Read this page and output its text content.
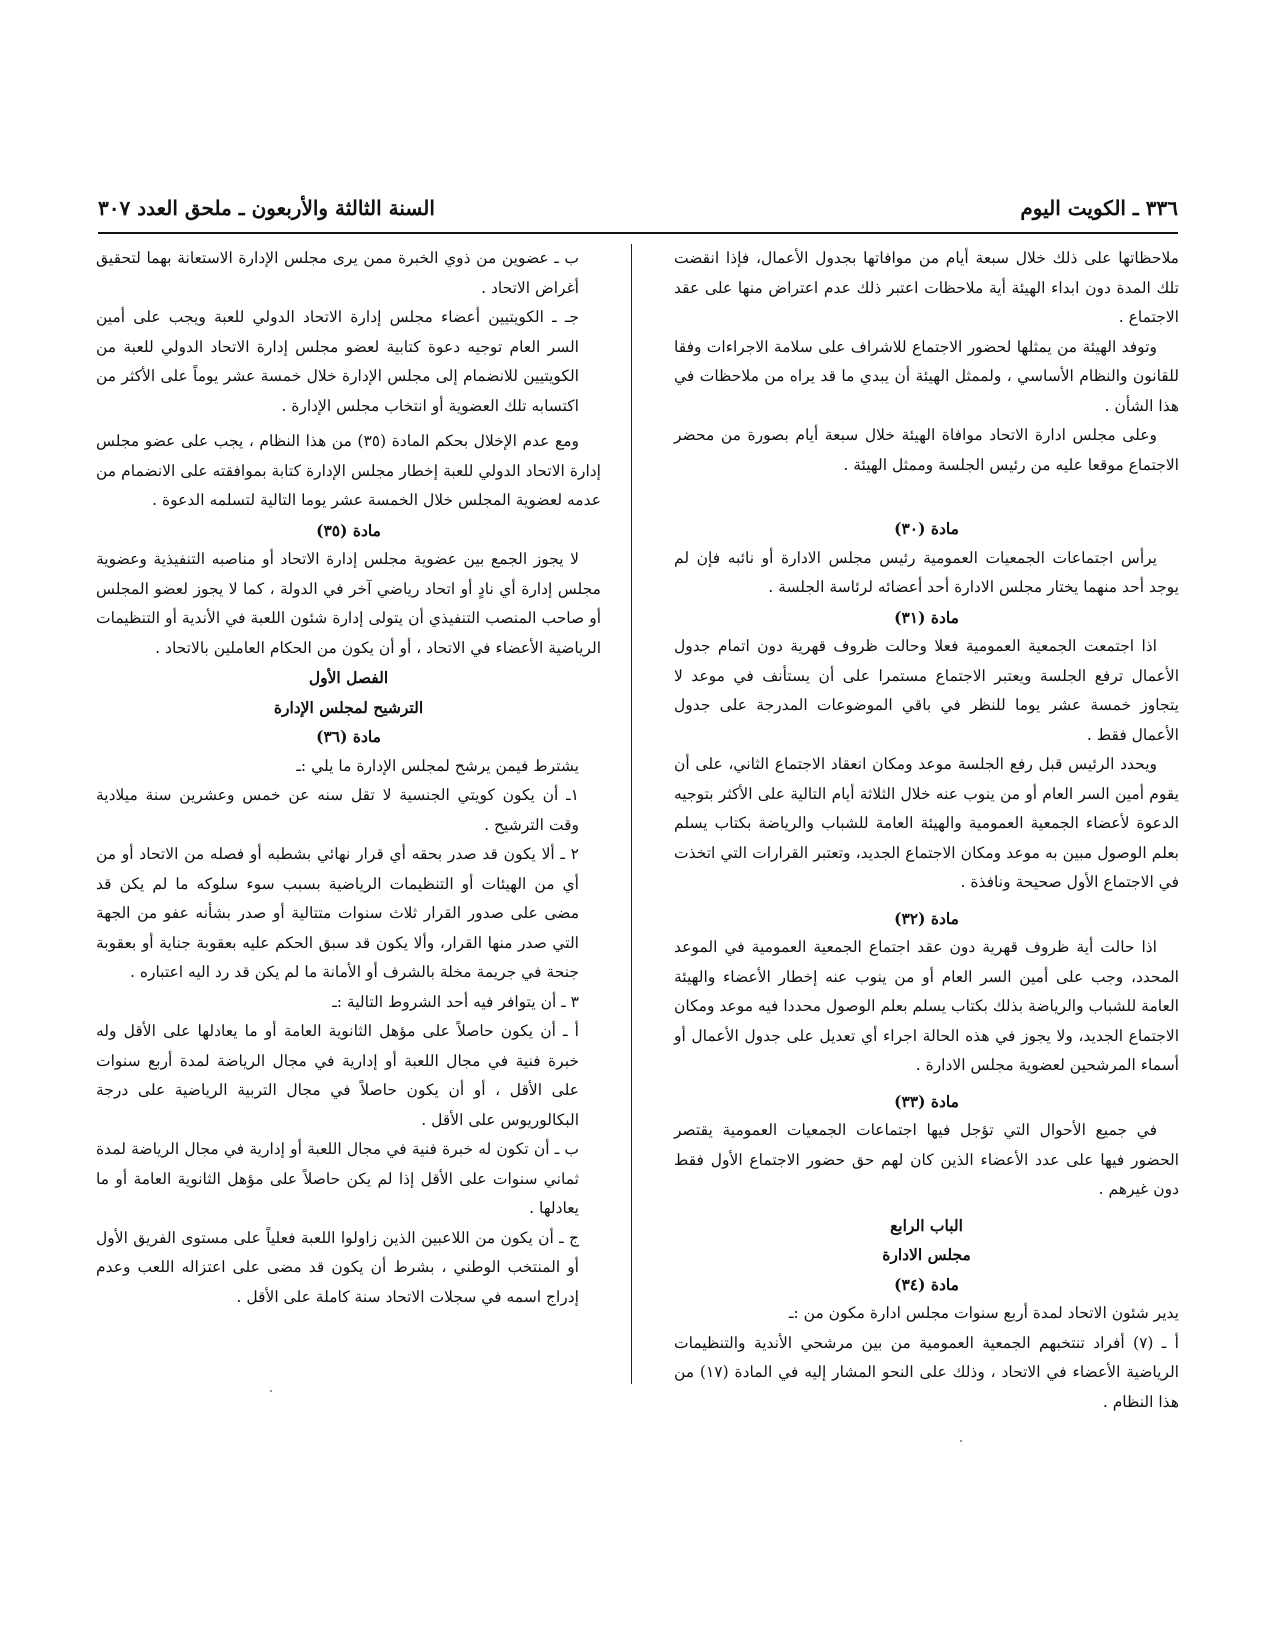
٣٣٦ ـ الكويت اليوم
السنة الثالثة والأربعون ـ ملحق العدد ٣٠٧

ملاحظاتها على ذلك خلال سبعة أيام من موافاتها بجدول الأعمال، فإذا انقضت تلك المدة دون ابداء الهيئة أية ملاحظات اعتبر ذلك عدم اعتراض منها على عقد الاجتماع .

وتوفد الهيئة من يمثلها لحضور الاجتماع للاشراف على سلامة الاجراءات وفقا للقانون والنظام الأساسي ، ولممثل الهيئة أن يبدي ما قد يراه من ملاحظات في هذا الشأن .

وعلى مجلس ادارة الاتحاد موافاة الهيئة خلال سبعة أيام بصورة من محضر الاجتماع موقعا عليه من رئيس الجلسة وممثل الهيئة .

مادة (٣٠)

يرأس اجتماعات الجمعيات العمومية رئيس مجلس الادارة أو نائبه فإن لم يوجد أحد منهما يختار مجلس الادارة أحد أعضائه لرئاسة الجلسة .

مادة (٣١)

اذا اجتمعت الجمعية العمومية فعلا وحالت ظروف قهرية دون اتمام جدول الأعمال ترفع الجلسة ويعتبر الاجتماع مستمرا على أن يستأنف في موعد لا يتجاوز خمسة عشر يوما للنظر في باقي الموضوعات المدرجة على جدول الأعمال فقط .

ويحدد الرئيس قبل رفع الجلسة موعد ومكان انعقاد الاجتماع الثاني، على أن يقوم أمين السر العام أو من ينوب عنه خلال الثلاثة أيام التالية على الأكثر بتوجيه الدعوة لأعضاء الجمعية العمومية والهيئة العامة للشباب والرياضة بكتاب يسلم بعلم الوصول مبين به موعد ومكان الاجتماع الجديد، وتعتبر القرارات التي اتخذت في الاجتماع الأول صحيحة ونافذة .

مادة (٣٢)

اذا حالت أية ظروف قهرية دون عقد اجتماع الجمعية العمومية في الموعد المحدد، وجب على أمين السر العام أو من ينوب عنه إخطار الأعضاء والهيئة العامة للشباب والرياضة بذلك بكتاب يسلم بعلم الوصول محددا فيه موعد ومكان الاجتماع الجديد، ولا يجوز في هذه الحالة اجراء أي تعديل على جدول الأعمال أو أسماء المرشحين لعضوية مجلس الادارة .

مادة (٣٣)

في جميع الأحوال التي تؤجل فيها اجتماعات الجمعيات العمومية يقتصر الحضور فيها على عدد الأعضاء الذين كان لهم حق حضور الاجتماع الأول فقط دون غيرهم .

الباب الرابع

مجلس الادارة

مادة (٣٤)

يدير شئون الاتحاد لمدة أربع سنوات مجلس ادارة مكون من :ـ

أ ـ (٧) أفراد تنتخبهم الجمعية العمومية من بين مرشحي الأندية والتنظيمات الرياضية الأعضاء في الاتحاد ، وذلك على النحو المشار إليه في المادة (١٧) من هذا النظام .

ب ـ عضوين من ذوي الخبرة ممن يرى مجلس الإدارة الاستعانة بهما لتحقيق أغراض الاتحاد .

جـ ـ الكويتيين أعضاء مجلس إدارة الاتحاد الدولي للعبة ويجب على أمين السر العام توجيه دعوة كتابية لعضو مجلس إدارة الاتحاد الدولي للعبة من الكويتيين للانضمام إلى مجلس الإدارة خلال خمسة عشر يوماً على الأكثر من اكتسابه تلك العضوية أو انتخاب مجلس الإدارة .

ومع عدم الإخلال بحكم المادة (٣٥) من هذا النظام ، يجب على عضو مجلس إدارة الاتحاد الدولي للعبة إخطار مجلس الإدارة كتابة بموافقته على الانضمام من عدمه لعضوية المجلس خلال الخمسة عشر يوما التالية لتسلمه الدعوة .

مادة (٣٥)

لا يجوز الجمع بين عضوية مجلس إدارة الاتحاد أو مناصبه التنفيذية وعضوية مجلس إدارة أي نادٍ أو اتحاد رياضي آخر في الدولة ، كما لا يجوز لعضو المجلس أو صاحب المنصب التنفيذي أن يتولى إدارة شئون اللعبة في الأندية أو التنظيمات الرياضية الأعضاء في الاتحاد ، أو أن يكون من الحكام العاملين بالاتحاد .

الفصل الأول

الترشيح لمجلس الإدارة

مادة (٣٦)

يشترط فيمن يرشح لمجلس الإدارة ما يلي :ـ

١ـ أن يكون كويتي الجنسية لا تقل سنه عن خمس وعشرين سنة ميلادية وقت الترشيح .

٢ ـ ألا يكون قد صدر بحقه أي قرار نهائي بشطبه أو فصله من الاتحاد أو من أي من الهيئات أو التنظيمات الرياضية بسبب سوء سلوكه ما لم يكن قد مضى على صدور القرار ثلاث سنوات متتالية أو صدر بشأنه عفو من الجهة التي صدر منها القرار، وألا يكون قد سبق الحكم عليه بعقوبة جناية أو بعقوبة جنحة في جريمة مخلة بالشرف أو الأمانة ما لم يكن قد رد اليه اعتباره .

٣ ـ أن يتوافر فيه أحد الشروط التالية :ـ

أ ـ أن يكون حاصلاً على مؤهل الثانوية العامة أو ما يعادلها على الأقل وله خبرة فنية في مجال اللعبة أو إدارية في مجال الرياضة لمدة أربع سنوات على الأقل ، أو أن يكون حاصلاً في مجال التربية الرياضية على درجة البكالوريوس على الأقل .

ب ـ أن تكون له خبرة فنية في مجال اللعبة أو إدارية في مجال الرياضة لمدة ثماني سنوات على الأقل إذا لم يكن حاصلاً على مؤهل الثانوية العامة أو ما يعادلها .

ج ـ أن يكون من اللاعبين الذين زاولوا اللعبة فعلياً على مستوى الفريق الأول أو المنتخب الوطني ، بشرط أن يكون قد مضى على اعتزاله اللعب وعدم إدراج اسمه في سجلات الاتحاد سنة كاملة على الأقل .
